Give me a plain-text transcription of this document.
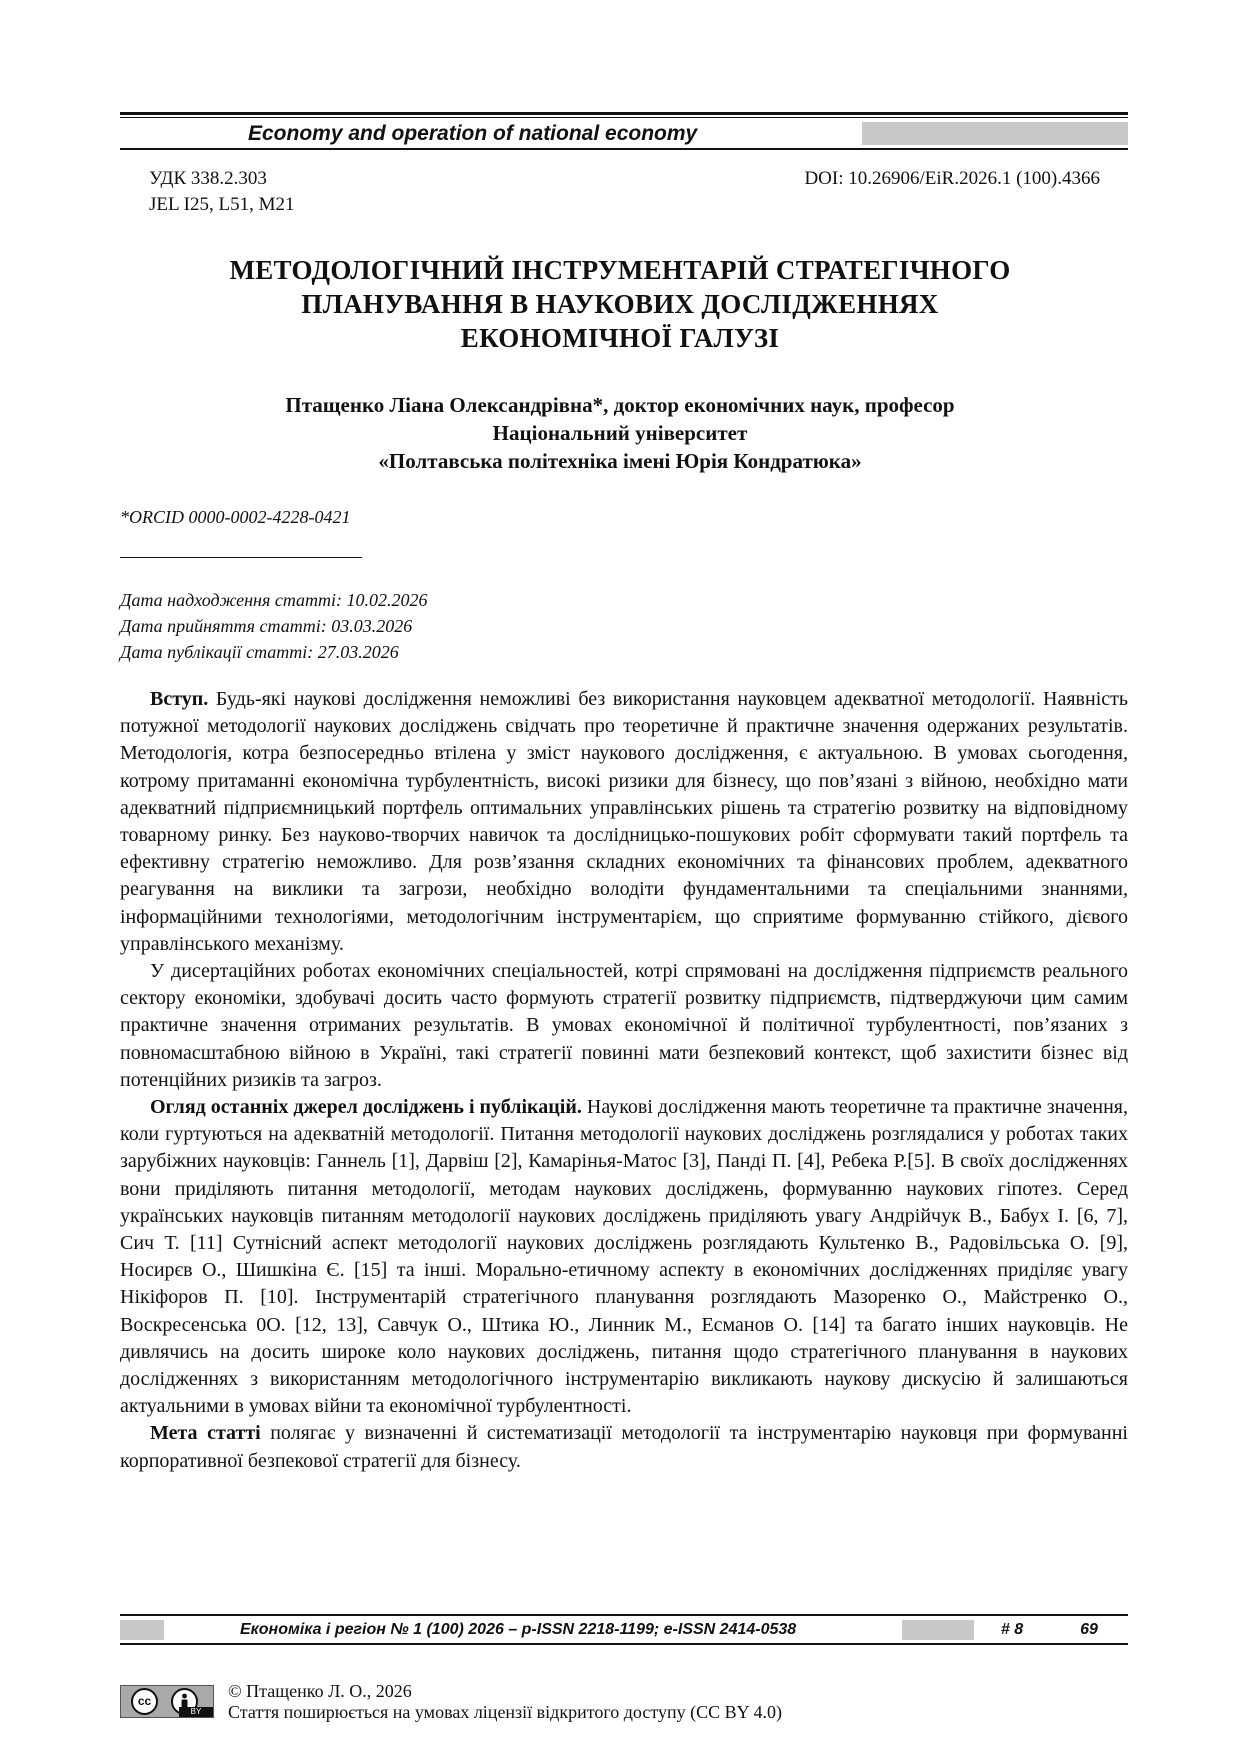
Economy and operation of national economy
УДК 338.2.303
JEL I25, L51, M21
DOI: 10.26906/EiR.2026.1 (100).4366
МЕТОДОЛОГІЧНИЙ ІНСТРУМЕНТАРІЙ СТРАТЕГІЧНОГО
ПЛАНУВАННЯ В НАУКОВИХ ДОСЛІДЖЕННЯХ
ЕКОНОМІЧНОЇ ГАЛУЗІ
Птащенко Ліана Олександрівна*, доктор економічних наук, професор
Національний університет
«Полтавська політехніка імені Юрія Кондратюка»
*ORCID 0000-0002-4228-0421
Дата надходження статті: 10.02.2026
Дата прийняття статті: 03.03.2026
Дата публікації статті: 27.03.2026

Вступ. Будь-які наукові дослідження неможливі без використання науковцем адекватної методології. Наявність потужної методології наукових досліджень свідчать про теоретичне й практичне значення одержаних результатів. Методологія, котра безпосередньо втілена у зміст наукового дослідження, є актуальною. В умовах сьогодення, котрому притаманні економічна турбулентність, високі ризики для бізнесу, що пов’язані з війною, необхідно мати адекватний підприємницький портфель оптимальних управлінських рішень та стратегію розвитку на відповідному товарному ринку. Без науково-творчих навичок та дослідницько-пошукових робіт сформувати такий портфель та ефективну стратегію неможливо. Для розв’язання складних економічних та фінансових проблем, адекватного реагування на виклики та загрози, необхідно володіти фундаментальними та спеціальними знаннями, інформаційними технологіями, методологічним інструментарієм, що сприятиме формуванню стійкого, дієвого управлінського механізму.

У дисертаційних роботах економічних спеціальностей, котрі спрямовані на дослідження підприємств реального сектору економіки, здобувачі досить часто формують стратегії розвитку підприємств, підтверджуючи цим самим практичне значення отриманих результатів. В умовах економічної й політичної турбулентності, пов’язаних з повномасштабною війною в Україні, такі стратегії повинні мати безпековий контекст, щоб захистити бізнес від потенційних ризиків та загроз.

Огляд останніх джерел досліджень і публікацій. Наукові дослідження мають теоретичне та практичне значення, коли гуртуються на адекватній методології. Питання методології наукових досліджень розглядалися у роботах таких зарубіжних науковців: Ганнель [1], Дарвіш [2], Камарінья-Матос [3], Панді П. [4], Ребека Р.[5]. В своїх дослідженнях вони приділяють питання методології, методам наукових досліджень, формуванню наукових гіпотез. Серед українських науковців питанням методології наукових досліджень приділяють увагу Андрійчук В., Бабух І. [6, 7], Сич Т. [11] Сутнісний аспект методології наукових досліджень розглядають Культенко В., Радовільська О. [9], Носирєв О., Шишкіна Є. [15] та інші. Морально-етичному аспекту в економічних дослідженнях приділяє увагу Нікіфоров П. [10]. Інструментарій стратегічного планування розглядають Мазоренко О., Майстренко О., Воскресенська 0О. [12, 13], Савчук О., Штика Ю., Линник М., Есманов О. [14] та багато інших науковців. Не дивлячись на досить широке коло наукових досліджень, питання щодо стратегічного планування в наукових дослідженнях з використанням методологічного інструментарію викликають наукову дискусію й залишаються актуальними в умовах війни та економічної турбулентності.

Мета статті полягає у визначенні й систематизації методології та інструментарію науковця при формуванні корпоративної безпекової стратегії для бізнесу.

cc
BY
© Птащенко Л. О., 2026
Стаття поширюється на умовах ліцензії відкритого доступу (CC BY 4.0)
Економіка і регіон № 1 (100) 2026 – p-ISSN 2218-1199; e-ISSN 2414-0538	# 8	69
